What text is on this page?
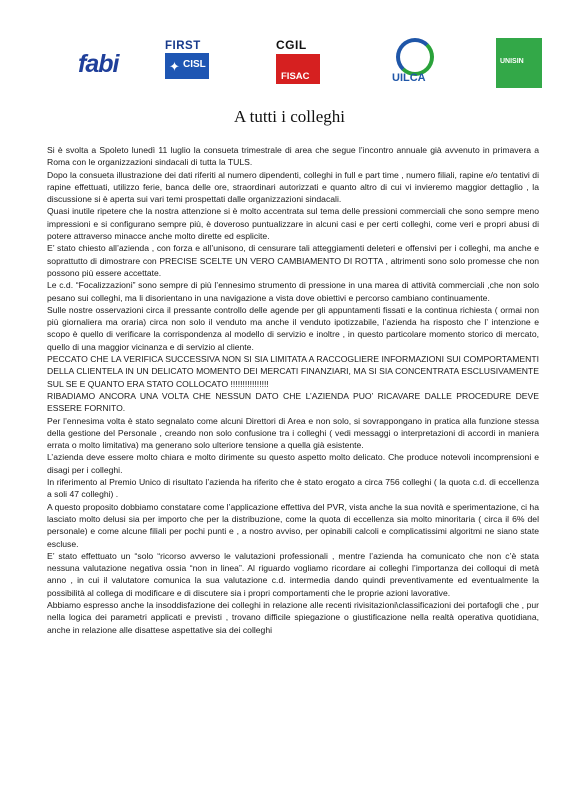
fabi
FIRST
✦ CISL
CGIL
FISAC	UILCA
UNISIN
A tutti i colleghi

Si è svolta a Spoleto lunedì 11 luglio la consueta trimestrale di area che segue l’incontro annuale già avvenuto in primavera a Roma con le organizzazioni sindacali di tutta la TULS.

Dopo la consueta illustrazione dei dati riferiti al numero dipendenti, colleghi in full e part time , numero filiali, rapine e/o tentativi di rapine effettuati, utilizzo ferie, banca delle ore, straordinari autorizzati e quanto altro di cui vi invieremo maggior dettaglio , la discussione si è aperta sui vari temi prospettati dalle organizzazioni sindacali.

Quasi inutile ripetere che la nostra attenzione si è molto accentrata sul tema delle pressioni commerciali che sono sempre meno impressioni e si configurano sempre più, è doveroso puntualizzare in alcuni casi e per certi colleghi, come veri e propri abusi di potere attraverso minacce anche molto dirette ed esplicite.

E’ stato chiesto all’azienda , con forza e all’unisono, di censurare tali atteggiamenti deleteri e offensivi per i colleghi, ma anche e soprattutto di dimostrare con PRECISE SCELTE UN VERO CAMBIAMENTO DI ROTTA , altrimenti sono solo promesse che non possono più essere accettate.

Le c.d. “Focalizzazioni” sono sempre di più l’ennesimo strumento di pressione in una marea di attività commerciali ,che non solo pesano sui colleghi, ma li disorientano in una navigazione a vista dove obiettivi e percorso cambiano continuamente.

Sulle nostre osservazioni circa il pressante controllo delle agende per gli appuntamenti fissati e la continua richiesta ( ormai non più giornaliera ma oraria) circa non solo il venduto ma anche il venduto ipotizzabile, l’azienda ha risposto che l’ intenzione e scopo è quello di verificare la corrispondenza al modello di servizio e inoltre , in questo particolare momento storico di mercato, quello di una maggior vicinanza e di servizio al cliente.

PECCATO CHE LA VERIFICA SUCCESSIVA NON SI SIA LIMITATA A RACCOGLIERE INFORMAZIONI SUI COMPORTAMENTI DELLA CLIENTELA IN UN DELICATO MOMENTO DEI MERCATI FINANZIARI, MA SI SIA CONCENTRATA ESCLUSIVAMENTE SUL SE E QUANTO ERA STATO COLLOCATO !!!!!!!!!!!!!!!!

RIBADIAMO ANCORA UNA VOLTA CHE NESSUN DATO CHE L’AZIENDA PUO’ RICAVARE DALLE PROCEDURE DEVE ESSERE FORNITO.

Per l’ennesima volta è stato segnalato come alcuni Direttori di Area e non solo, si sovrappongano in pratica alla funzione stessa della gestione del Personale , creando non solo confusione tra i colleghi ( vedi messaggi o interpretazioni di accordi in maniera errata o molto limitativa) ma generano solo ulteriore tensione a quella già esistente.

L’azienda deve essere molto chiara e molto dirimente su questo aspetto molto delicato. Che produce notevoli incomprensioni e disagi per i colleghi.

In riferimento al Premio Unico di risultato l’azienda ha riferito che è stato erogato a circa 756 colleghi ( la quota c.d. di eccellenza a soli 47 colleghi) .

A questo proposito dobbiamo constatare come l’applicazione effettiva del PVR, vista anche la sua novità e sperimentazione, ci ha lasciato molto delusi sia per importo che per la distribuzione, come la quota di eccellenza sia molto minoritaria ( circa il 6% del personale) e come alcune filiali per pochi punti e , a nostro avviso, per opinabili calcoli e complicatissimi algoritmi ne siano state escluse.

E’ stato effettuato un “solo “ricorso avverso le valutazioni professionali , mentre l’azienda ha comunicato che non c’è stata nessuna valutazione negativa ossia “non in linea”. Al riguardo vogliamo ricordare ai colleghi l’importanza dei colloqui di metà anno , in cui il valutatore comunica la sua valutazione c.d. intermedia dando quindi preventivamente ed eventualmente la possibilità al collega di modificare e di discutere sia i propri comportamenti che le proprie azioni lavorative.

Abbiamo espresso anche la insoddisfazione dei colleghi in relazione alle recenti rivisitazioni\classificazioni dei portafogli che , pur nella logica dei parametri applicati e previsti , trovano difficile spiegazione o giustificazione nella realtà operativa quotidiana, anche in relazione alle disattese aspettative sia dei colleghi
